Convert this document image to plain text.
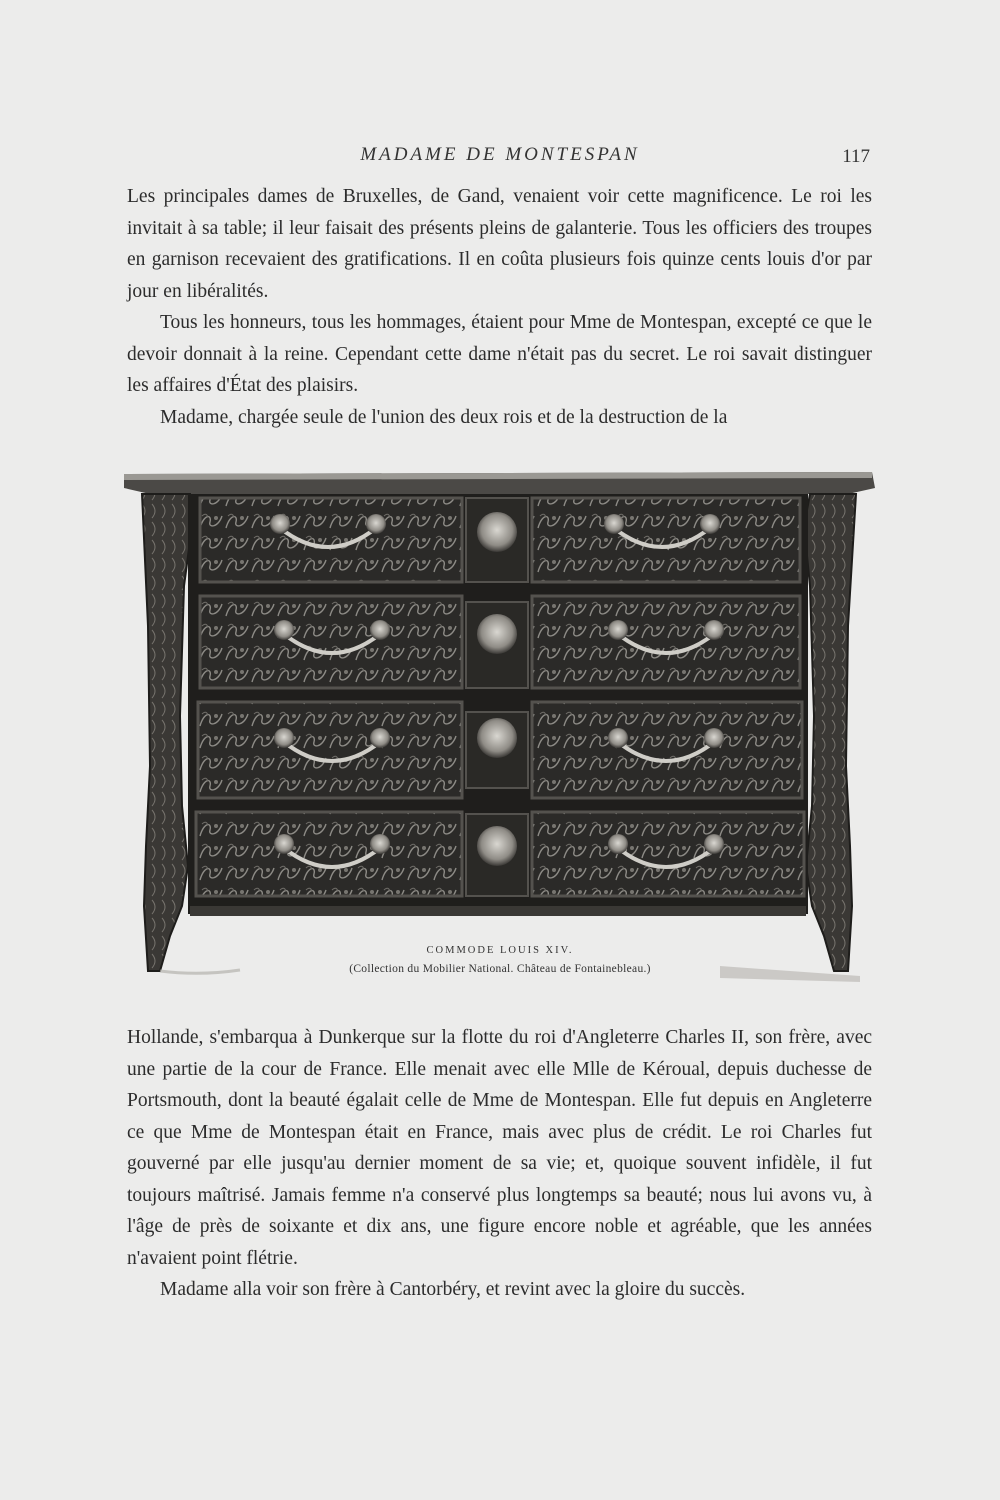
MADAME DE MONTESPAN	117

Les principales dames de Bruxelles, de Gand, venaient voir cette magnificence. Le roi les invitait à sa table; il leur faisait des présents pleins de galanterie. Tous les officiers des troupes en garnison recevaient des gratifications. Il en coûta plusieurs fois quinze cents louis d'or par jour en libéralités.

Tous les honneurs, tous les hommages, étaient pour Mme de Montespan, excepté ce que le devoir donnait à la reine. Cependant cette dame n'était pas du secret. Le roi savait distinguer les affaires d'État des plaisirs.

Madame, chargée seule de l'union des deux rois et de la destruction de la

COMMODE LOUIS XIV.
(Collection du Mobilier National. Château de Fontainebleau.)

Hollande, s'embarqua à Dunkerque sur la flotte du roi d'Angleterre Charles II, son frère, avec une partie de la cour de France. Elle menait avec elle Mlle de Kéroual, depuis duchesse de Portsmouth, dont la beauté égalait celle de Mme de Montespan. Elle fut depuis en Angleterre ce que Mme de Montespan était en France, mais avec plus de crédit. Le roi Charles fut gouverné par elle jusqu'au dernier moment de sa vie; et, quoique souvent infidèle, il fut toujours maîtrisé. Jamais femme n'a conservé plus longtemps sa beauté; nous lui avons vu, à l'âge de près de soixante et dix ans, une figure encore noble et agréable, que les années n'avaient point flétrie.

Madame alla voir son frère à Cantorbéry, et revint avec la gloire du succès.
